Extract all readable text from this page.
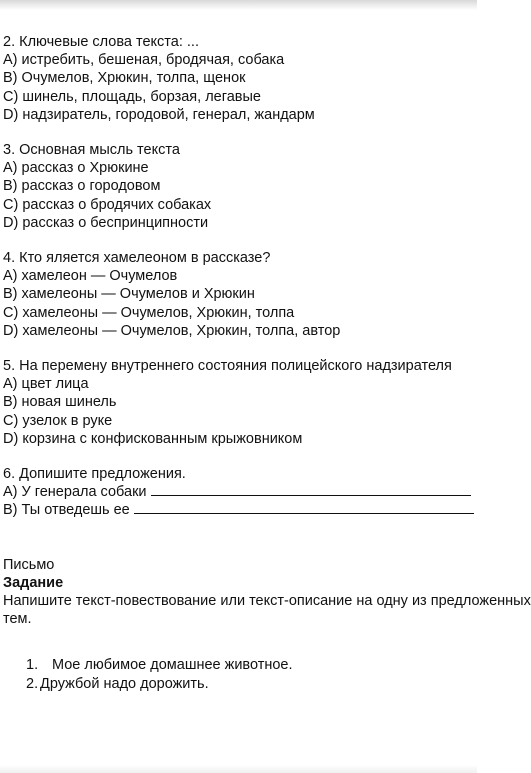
2. Ключевые слова текста: ...
A) истребить, бешеная, бродячая, собака
B) Очумелов, Хрюкин, толпа, щенок
C) шинель, площадь, борзая, легавые
D) надзиратель, городовой, генерал, жандарм
3. Основная мысль текста
A) рассказ о Хрюкине
B) рассказ о городовом
C) рассказ о бродячих собаках
D) рассказ о беспринципности
4. Кто яляется хамелеоном в рассказе?
A) хамелеон — Очумелов
B) хамелеоны — Очумелов и Хрюкин
C) хамелеоны — Очумелов, Хрюкин, толпа
D) хамелеоны — Очумелов, Хрюкин, толпа, автор
5. На перемену внутреннего состояния полицейского надзирателя
A) цвет лица
B) новая шинель
C) узелок в руке
D) корзина с конфискованным крыжовником
6. Допишите предложения.
A) У генерала собаки
B) Ты отведешь ее
Письмо
Задание
Напишите текст-повествование или текст-описание на одну из предложенных
тем.
1. Мое любимое домашнее животное.
2. Дружбой надо дорожить.
